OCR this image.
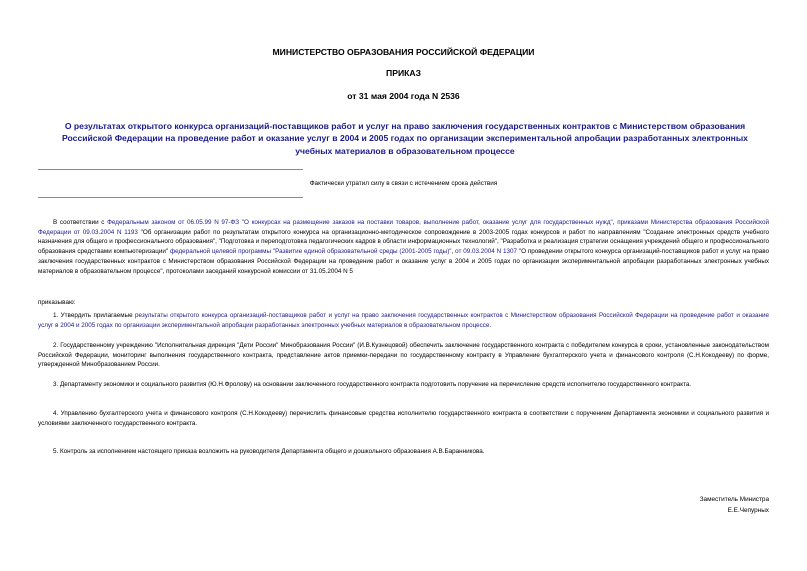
МИНИСТЕРСТВО ОБРАЗОВАНИЯ РОССИЙСКОЙ ФЕДЕРАЦИИ
ПРИКАЗ
от 31 мая 2004 года N 2536
О результатах открытого конкурса организаций-поставщиков работ и услуг на право заключения государственных контрактов с Министерством образования Российской Федерации на проведение работ и оказание услуг в 2004 и 2005 годах по организации экспериментальной апробации разработанных электронных учебных материалов в образовательном процессе
Фактически утратил силу в связи с истечением срока действия
В соответствии с Федеральным законом от 06.05.99 N 97-ФЗ "О конкурсах на размещение заказов на поставки товаров, выполнение работ, оказание услуг для государственных нужд", приказами Министерства образования Российской Федерации от 09.03.2004 N 1193 "Об организации работ по результатам открытого конкурса на организационно-методическое сопровождение в 2003-2005 годах конкурсов и работ по направлениям "Создание электронных средств учебного назначения для общего и профессионального образования", "Подготовка и переподготовка педагогических кадров в области информационных технологий", "Разработка и реализация стратегии оснащения учреждений общего и профессионального образования средствами компьютеризации" федеральной целевой программы "Развитие единой образовательной среды (2001-2005 годы)", от 09.03.2004 N 1307 "О проведении открытого конкурса организаций-поставщиков работ и услуг на право заключения государственных контрактов с Министерством образования Российской Федерации на проведение работ и оказание услуг в 2004 и 2005 годах по организации экспериментальной апробации разработанных электронных учебных материалов в образовательном процессе", протоколами заседаний конкурсной комиссии от 31.05.2004 N 5
приказываю:
1. Утвердить прилагаемые результаты открытого конкурса организаций-поставщиков работ и услуг на право заключения государственных контрактов с Министерством образования Российской Федерации на проведение работ и оказание услуг в 2004 и 2005 годах по организации экспериментальной апробации разработанных электронных учебных материалов в образовательном процессе.
2. Государственному учреждению "Исполнительная дирекция "Дети России" Минобразования России" (И.В.Кузнецовой) обеспечить заключение государственного контракта с победителем конкурса в сроки, установленные законодательством Российской Федерации, мониторинг выполнения государственного контракта, представление актов приемки-передачи по государственному контракту в Управление бухгалтерского учета и финансового контроля (С.Н.Кокодееву) по форме, утвержденной Минобразованием России.
3. Департаменту экономики и социального развития (Ю.Н.Фролову) на основании заключенного государственного контракта подготовить поручение на перечисление средств исполнителю государственного контракта.
4. Управлению бухгалтерского учета и финансового контроля (С.Н.Кокодееву) перечислить финансовые средства исполнителю государственного контракта в соответствии с поручением Департамента экономики и социального развития и условиями заключенного государственного контракта.
5. Контроль за исполнением настоящего приказа возложить на руководителя Департамента общего и дошкольного образования А.В.Баранникова.
Заместитель Министра
Е.Е.Чепурных
